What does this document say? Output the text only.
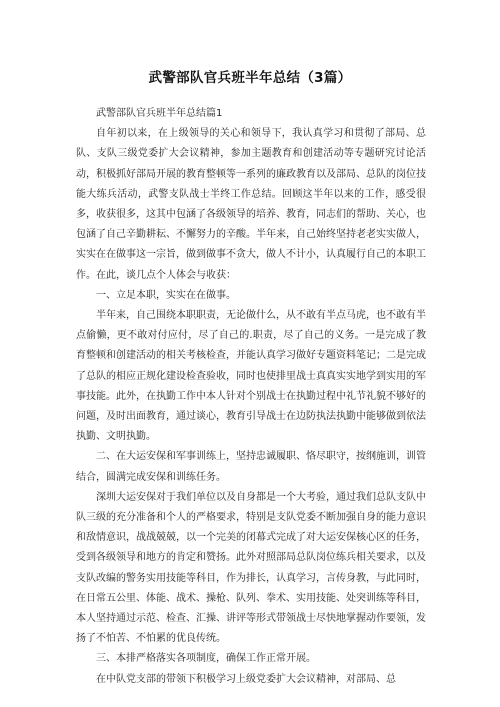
武警部队官兵班半年总结（3篇）

武警部队官兵班半年总结篇1

自年初以来，在上级领导的关心和领导下，我认真学习和贯彻了部局、总队、支队三级党委扩大会议精神，参加主题教育和创建活动等专题研究讨论活动，积极抓好部局开展的教育整顿等一系列的廉政教育以及部局、总队的岗位技能大练兵活动，武警支队战士半终工作总结。回顾这半年以来的工作，感受很多，收获很多，这其中包涵了各级领导的培养、教育，同志们的帮助、关心，也包涵了自己辛勤耕耘、不懈努力的辛酸。半年来，自己始终坚持老老实实做人，实实在在做事这一宗旨，做到做事不贪大，做人不计小，认真履行自己的本职工作。在此，谈几点个人体会与收获：

一、立足本职，实实在在做事。

半年来，自己围绕本职职责，无论做什么，从不敢有半点马虎，也不敢有半点偷懒，更不敢对付应付，尽了自己的.职责，尽了自己的义务。一是完成了教育整顿和创建活动的相关考核检查，并能认真学习做好专题资料笔记；二是完成了总队的相应正规化建设检查验收，同时也使排里战士真真实实地学到实用的军事技能。此外，在执勤工作中本人针对个别战士在执勤过程中礼节礼貌不够好的问题，及时出面教育，通过谈心，教育引导战士在边防执法执勤中能够做到依法执勤、文明执勤。

二、在大运安保和军事训练上，坚持忠诚履职、恪尽职守，按纲施训，训管结合，圆满完成安保和训练任务。

深圳大运安保对于我们单位以及自身都是一个大考验，通过我们总队支队中队三级的充分准备和个人的严格要求，特别是支队党委不断加强自身的能力意识和敌情意识，战战兢兢，以一个完美的闭幕式完成了对大运安保核心区的任务，受到各级领导和地方的肯定和赞扬。此外对照部局总队岗位练兵相关要求，以及支队改编的警务实用技能等科目，作为排长，认真学习，言传身教，与此同时，在日常五公里、体能、战术、操枪、队列、拳术、实用技能、处突训练等科目，本人坚持通过示范、检查、汇操、讲评等形式带领战士尽快地掌握动作要领，发扬了不怕苦、不怕累的优良传统。

三、本排严格落实各项制度，确保工作正常开展。

在中队党支部的带领下积极学习上级党委扩大会议精神，对部局、总
